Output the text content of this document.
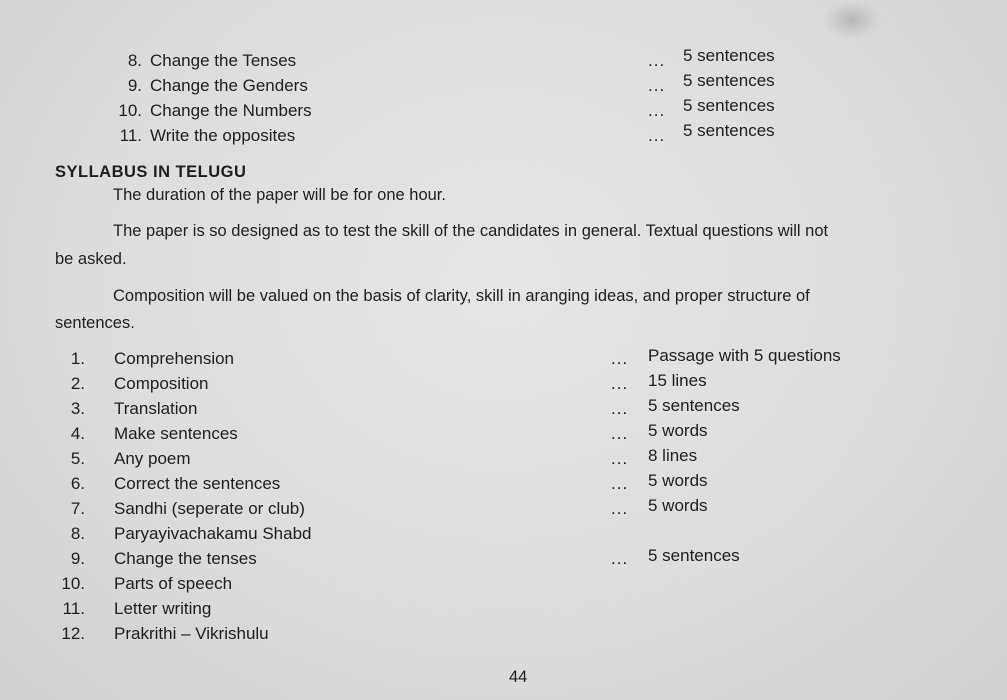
8. Change the Tenses	... 5 sentences
9. Change the Genders	... 5 sentences
10. Change the Numbers	... 5 sentences
11. Write the opposites	... 5 sentences
SYLLABUS IN TELUGU
The duration of the paper will be for one hour.
The paper is so designed as to test the skill of the candidates in general. Textual questions will not
be asked.
Composition will be valued on the basis of clarity, skill in aranging ideas, and proper structure of
sentences.
1. Comprehension	... Passage with 5 questions
2. Composition	... 15 lines
3. Translation	... 5 sentences
4. Make sentences	... 5 words
5. Any poem	... 8 lines
6. Correct the sentences	... 5 words
7. Sandhi (seperate or club)	... 5 words
8. Paryayivachakamu Shabd
9. Change the tenses	... 5 sentences
10. Parts of speech
11. Letter writing
12. Prakrithi – Vikrishulu
44
